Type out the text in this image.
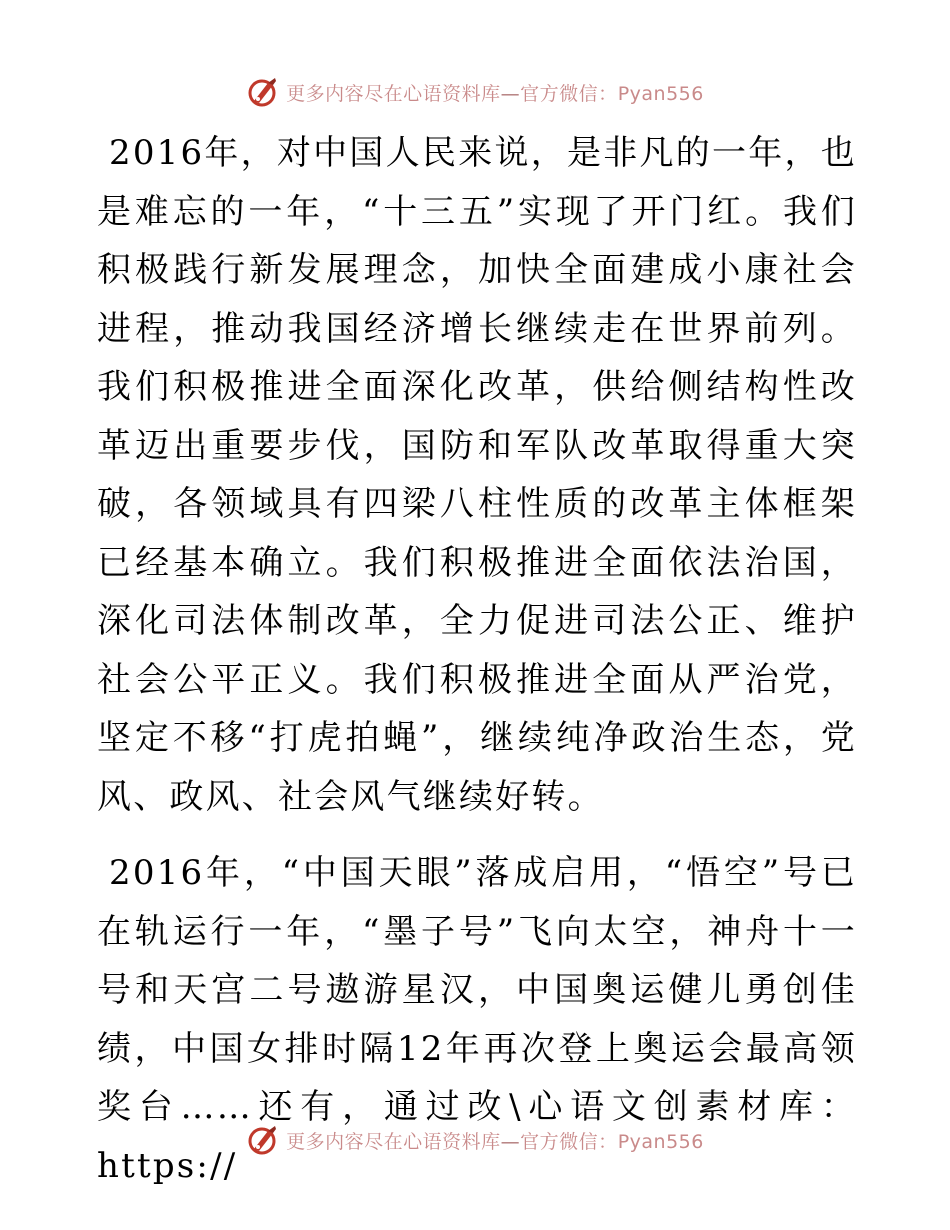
更多内容尽在心语资料库—官方微信：Pyan556

2016年，对中国人民来说，是非凡的一年，也是难忘的一年，“十三五”实现了开门红。我们积极践行新发展理念，加快全面建成小康社会进程，推动我国经济增长继续走在世界前列。我们积极推进全面深化改革，供给侧结构性改革迈出重要步伐，国防和军队改革取得重大突破，各领域具有四梁八柱性质的改革主体框架已经基本确立。我们积极推进全面依法治国，深化司法体制改革，全力促进司法公正、维护社会公平正义。我们积极推进全面从严治党，坚定不移“打虎拍蝇”，继续纯净政治生态，党风、政风、社会风气继续好转。

2016年，“中国天眼”落成启用，“悟空”号已在轨运行一年，“墨子号”飞向太空，神舟十一号和天宫二号遨游星汉，中国奥运健儿勇创佳绩，中国女排时隔12年再次登上奥运会最高领奖台……还有，通过改\心语文创素材库：https://

更多内容尽在心语资料库—官方微信：Pyan556
